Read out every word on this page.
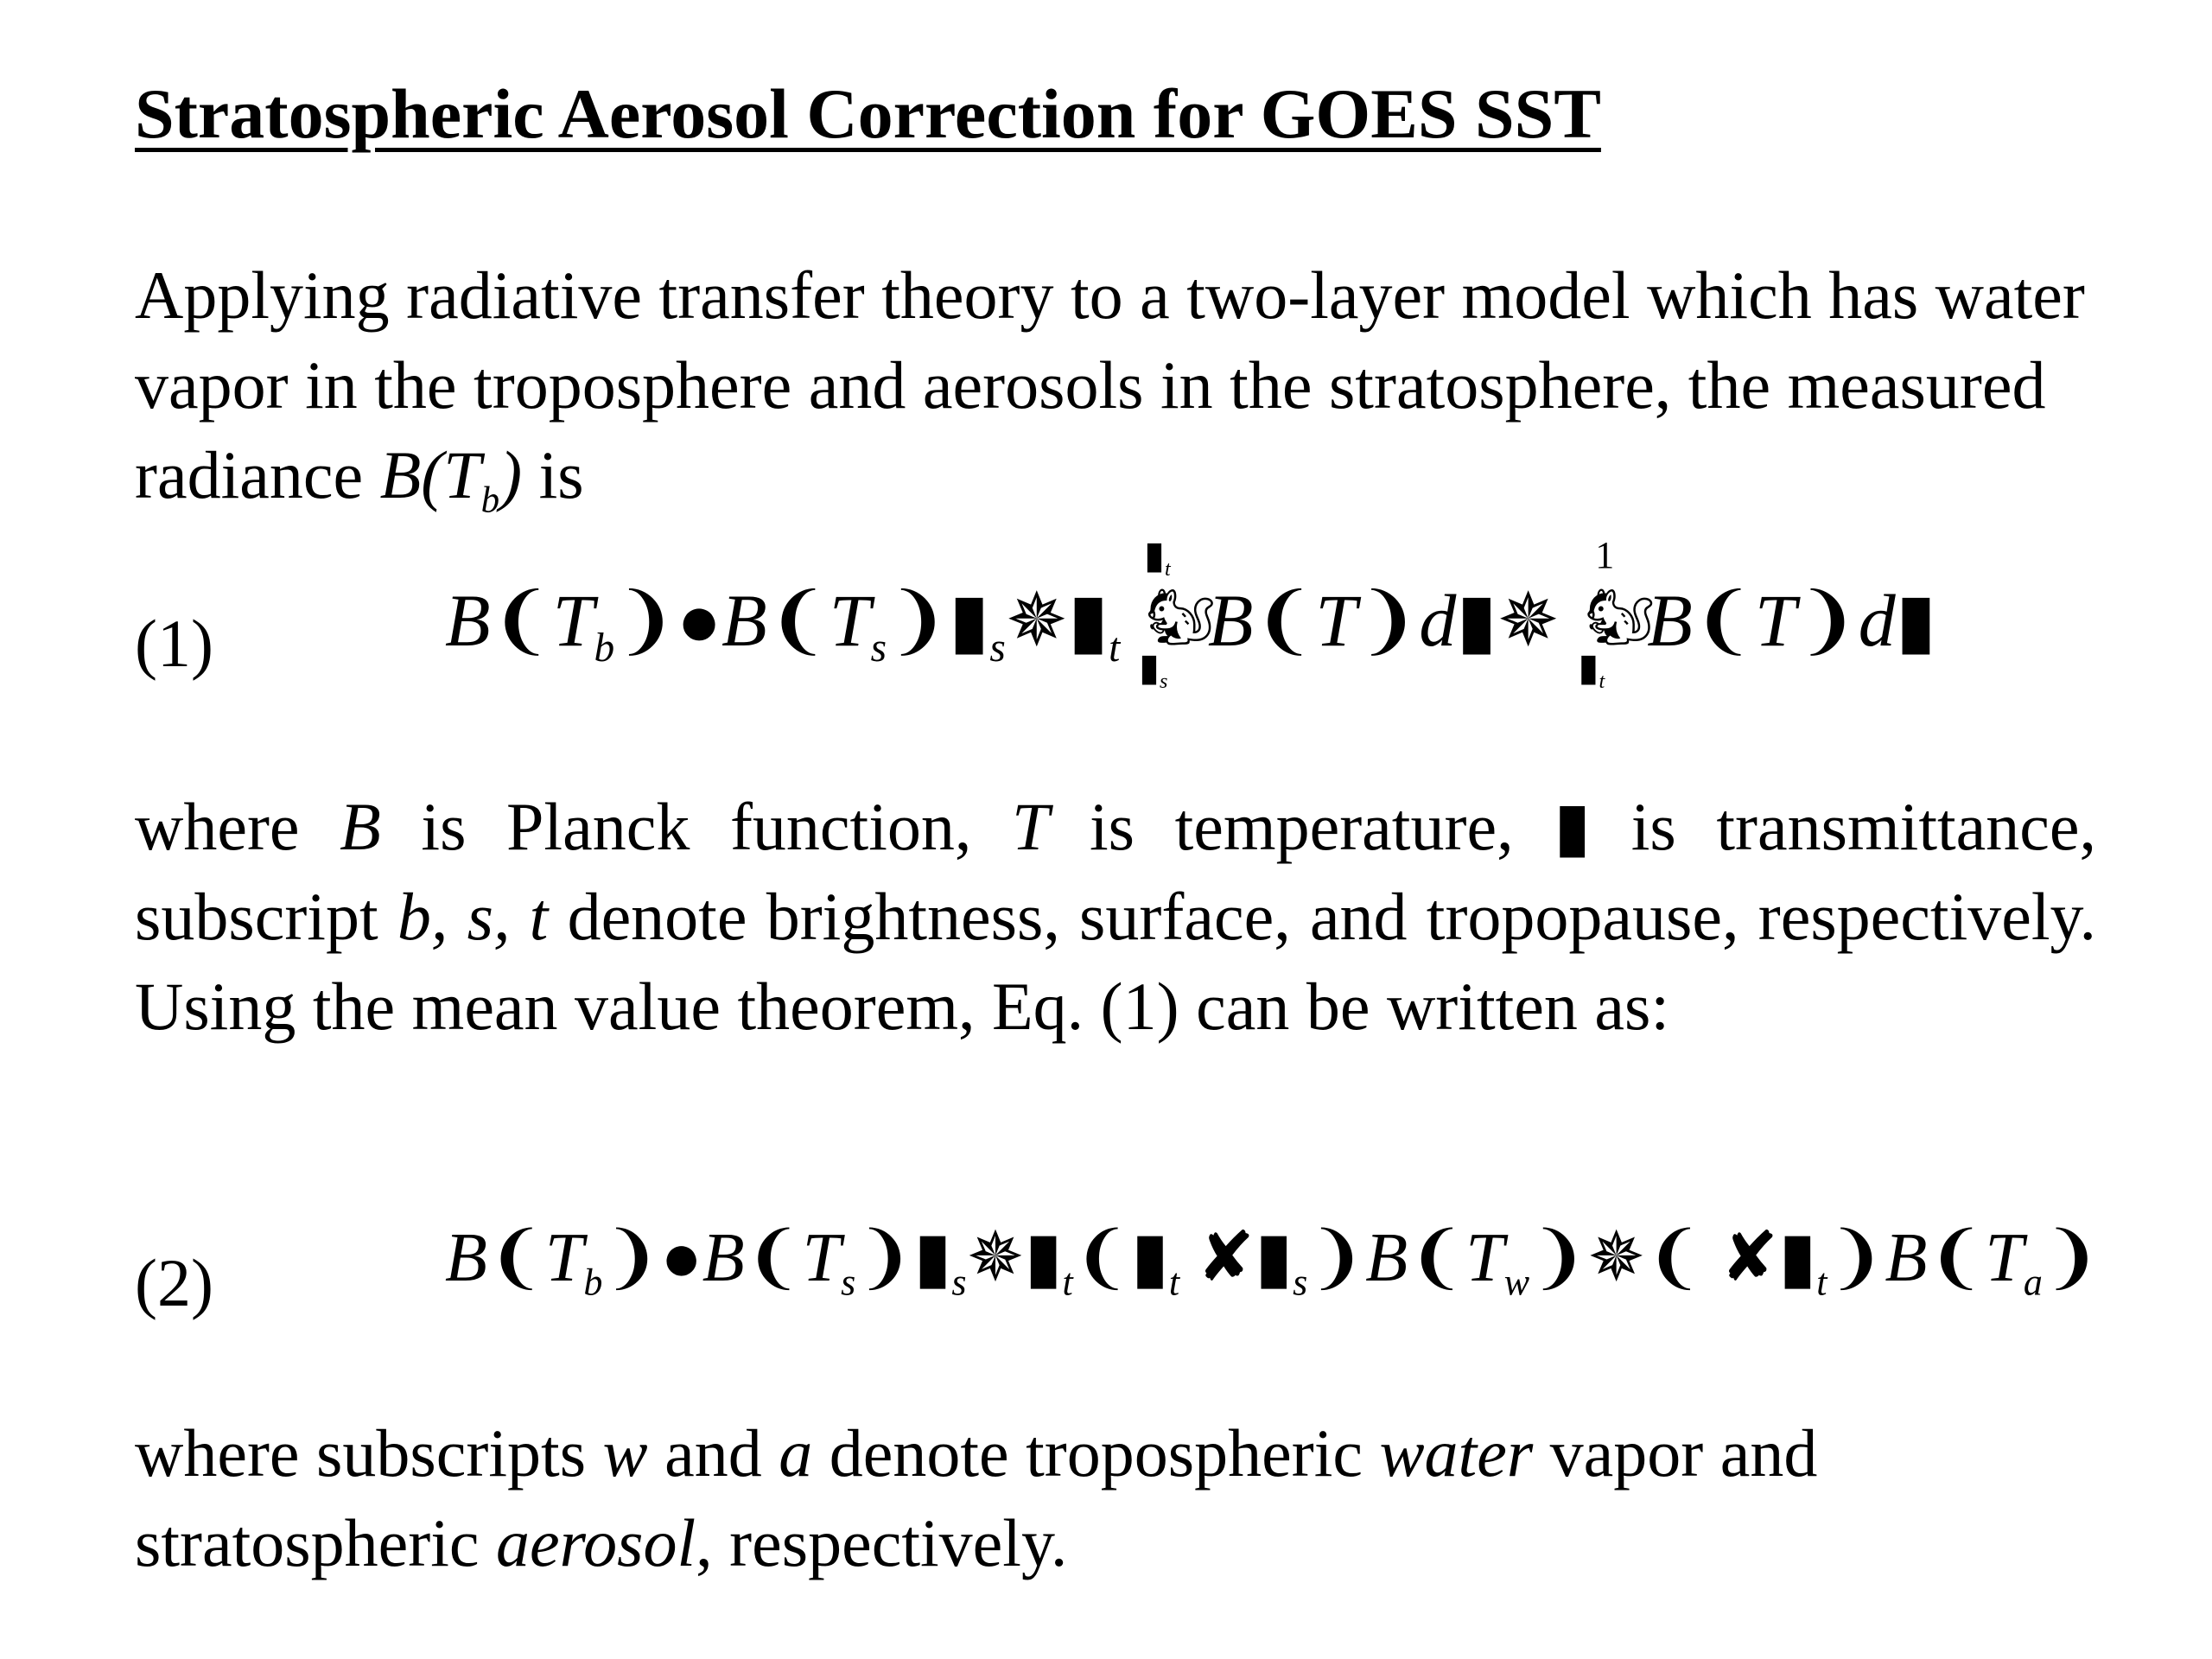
Stratospheric Aerosol Correction for GOES SST
Applying radiative transfer theory to a two-layer model which has water vapor in the troposphere and aerosols in the stratosphere, the measured radiance $B(T_b)$ is
(1)	$B❨T_b❩●B❨T_s❩▮_s✵▮_t$
$▮_t$
🐿
$▮_s$
B❨T❩d▮✵
1
🐿
$▮_t$
B❨T❩d▮
where B is Planck function, T is temperature, ▮ is transmittance, subscript b, s, t denote brightness, surface, and tropopause, respectively. Using the mean value theorem, Eq. (1) can be written as:
(2)	$B❨T_b❩●B❨T_s❩▮_s✵▮_t❨▮_t$ $✘▮_s❩B❨T_w❩✵❨$ $✘▮_t❩B❨T_a❩$
where subscripts w and a denote tropospheric water vapor and stratospheric aerosol, respectively.
